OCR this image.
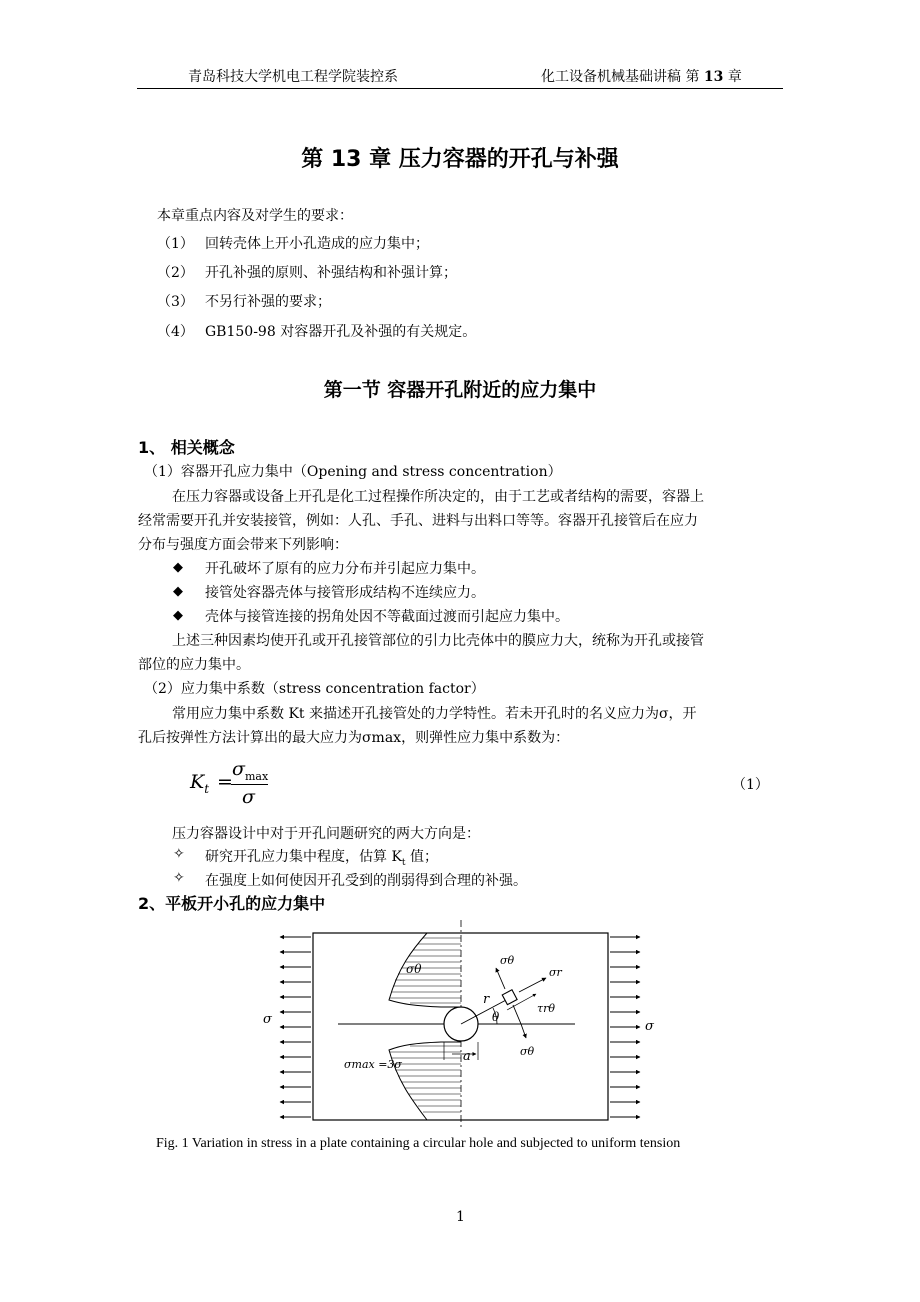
青岛科技大学机电工程学院装控系	化工设备机械基础讲稿 第 13 章
第 13 章 压力容器的开孔与补强
本章重点内容及对学生的要求：
（1） 回转壳体上开小孔造成的应力集中；
（2） 开孔补强的原则、补强结构和补强计算；
（3） 不另行补强的要求；
（4） GB150-98 对容器开孔及补强的有关规定。
第一节 容器开孔附近的应力集中
1、 相关概念
（1）容器开孔应力集中（Opening and stress concentration）
在压力容器或设备上开孔是化工过程操作所决定的，由于工艺或者结构的需要，容器上
经常需要开孔并安装接管，例如：人孔、手孔、进料与出料口等等。容器开孔接管后在应力
分布与强度方面会带来下列影响：
◆ 开孔破坏了原有的应力分布并引起应力集中。
◆ 接管处容器壳体与接管形成结构不连续应力。
◆ 壳体与接管连接的拐角处因不等截面过渡而引起应力集中。
上述三种因素均使开孔或开孔接管部位的引力比壳体中的膜应力大，统称为开孔或接管
部位的应力集中。
（2）应力集中系数（stress concentration factor）
常用应力集中系数 Kt 来描述开孔接管处的力学特性。若未开孔时的名义应力为σ，开
孔后按弹性方法计算出的最大应力为σmax，则弹性应力集中系数为：
$K_t$ =
$\sigma_{max}$
σ
（1）
压力容器设计中对于开孔问题研究的两大方向是：
✧ 研究开孔应力集中程度，估算 $K_t$ 值；
✧ 在强度上如何使因开孔受到的削弱得到合理的补强。
2、平板开小孔的应力集中
σ	σ
σθ
σmax =3σ
a
r
θ
σθ
σr
τrθ
σθ
Fig. 1 Variation in stress in a plate containing a circular hole and subjected to uniform tension
1
